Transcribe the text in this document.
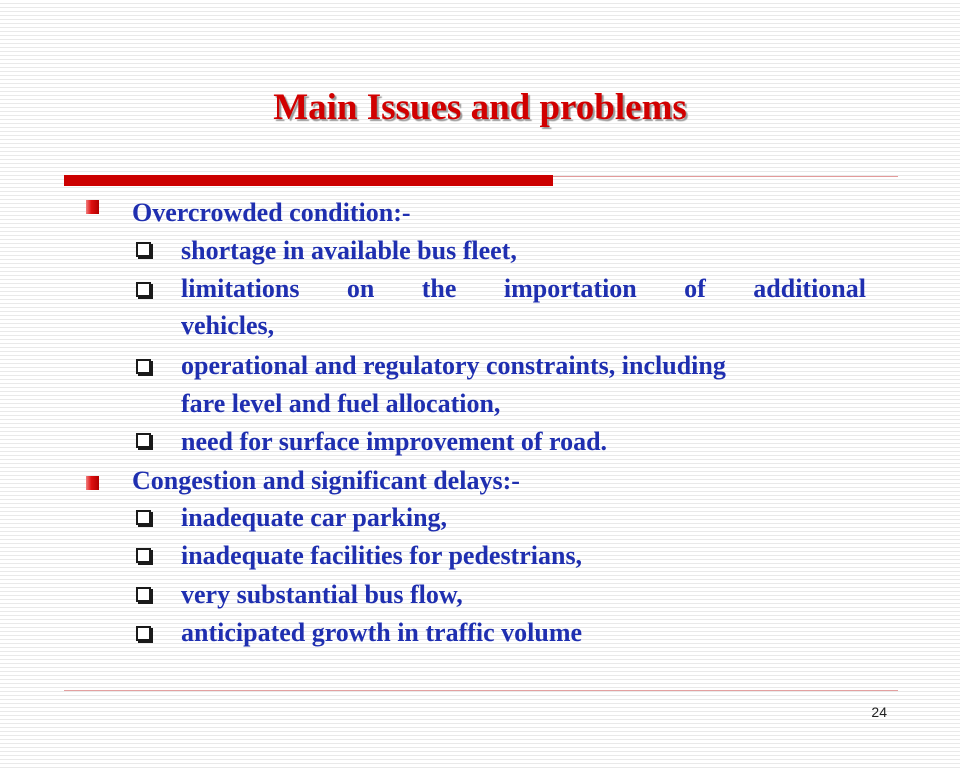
Main Issues and problems
Overcrowded condition:-
shortage in available bus fleet,
limitations on the importation of additional
vehicles,
operational and regulatory constraints, including
fare level and fuel allocation,
need for surface improvement of road.
Congestion and significant delays:-
inadequate car parking,
inadequate facilities for pedestrians,
very substantial bus flow,
anticipated growth in traffic volume
24
